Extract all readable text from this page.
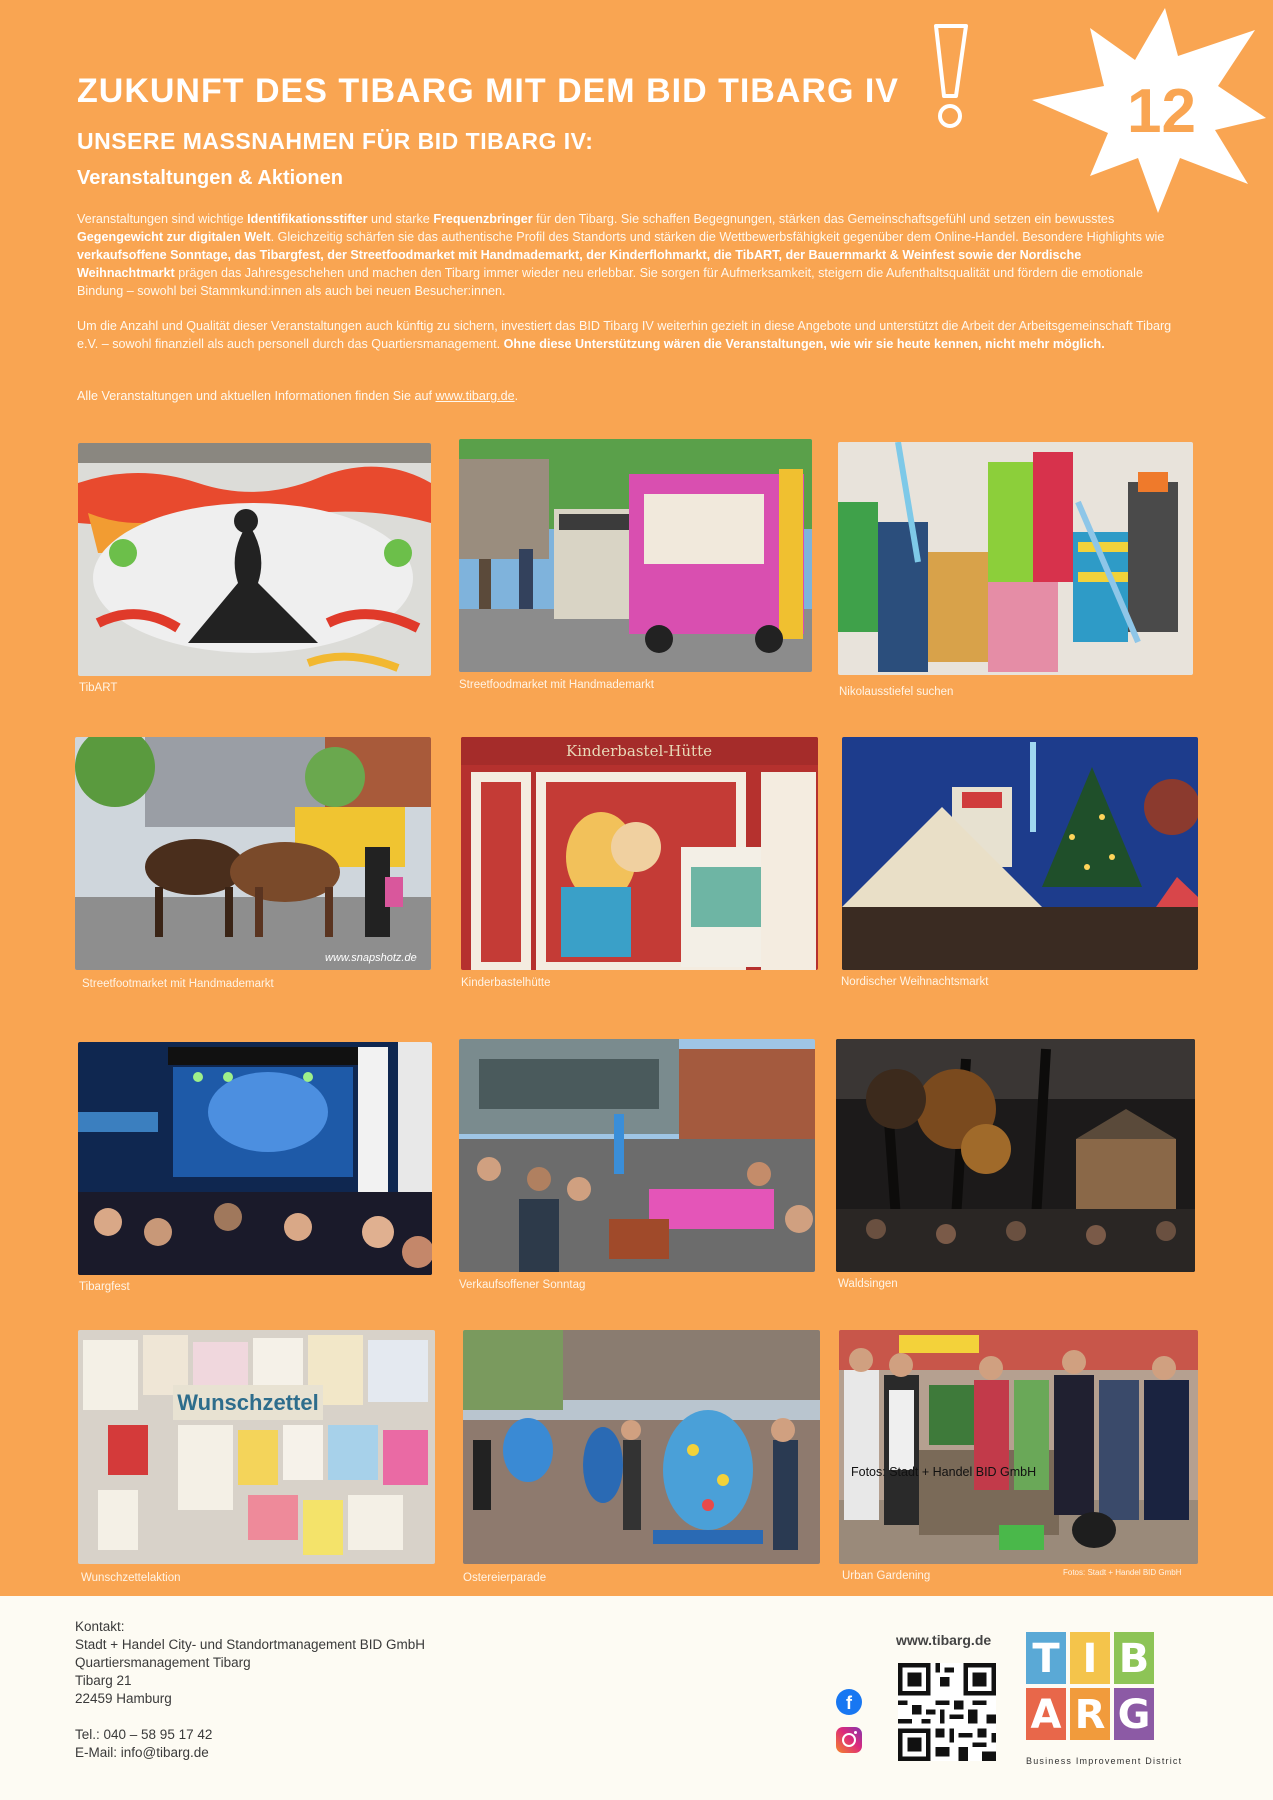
ZUKUNFT DES TIBARG MIT DEM BID TIBARG IV	12
UNSERE MASSNAHMEN FÜR BID TIBARG IV:
Veranstaltungen & Aktionen

Veranstaltungen sind wichtige Identifikationsstifter und starke Frequenzbringer für den Tibarg. Sie schaffen Begegnungen, stärken das Gemeinschaftsgefühl und setzen ein bewusstes Gegengewicht zur digitalen Welt. Gleichzeitig schärfen sie das authentische Profil des Standorts und stärken die Wettbewerbsfähigkeit gegenüber dem Online-Handel. Besondere Highlights wie verkaufsoffene Sonntage, das Tibargfest, der Streetfoodmarket mit Handmademarkt, der Kinderflohmarkt, die TibART, der Bauernmarkt & Weinfest sowie der Nordische Weihnachtmarkt prägen das Jahresgeschehen und machen den Tibarg immer wieder neu erlebbar. Sie sorgen für Aufmerksamkeit, steigern die Aufenthaltsqualität und fördern die emotionale Bindung – sowohl bei Stammkund:innen als auch bei neuen Besucher:innen.

Um die Anzahl und Qualität dieser Veranstaltungen auch künftig zu sichern, investiert das BID Tibarg IV weiterhin gezielt in diese Angebote und unterstützt die Arbeit der Arbeitsgemeinschaft Tibarg e.V. – sowohl finanziell als auch personell durch das Quartiersmanagement. Ohne diese Unterstützung wären die Veranstaltungen, wie wir sie heute kennen, nicht mehr möglich.

Alle Veranstaltungen und aktuellen Informationen finden Sie auf www.tibarg.de.

TibART	Streetfoodmarket mit Handmademarkt
Nikolausstiefel suchen
www.snapshotz.de
Streetfootmarket mit Handmademarkt
Kinderbastel-Hütte
Kinderbastelhütte	Nordischer Weihnachtsmarkt
Tibargfest	Verkaufsoffener Sonntag	Waldsingen
Wunschzettel
Wunschzettelaktion	Ostereierparade
Fotos: Stadt + Handel BID GmbH
Urban Gardening	Fotos: Stadt + Handel BID GmbH
Kontakt:
Stadt + Handel City- und Standortmanagement BID GmbH
Quartiersmanagement Tibarg
Tibarg 21
22459 Hamburg
Tel.: 040 – 58 95 17 42
E-Mail: info@tibarg.de
f
www.tibarg.de T I B
A R G
Business Improvement District
